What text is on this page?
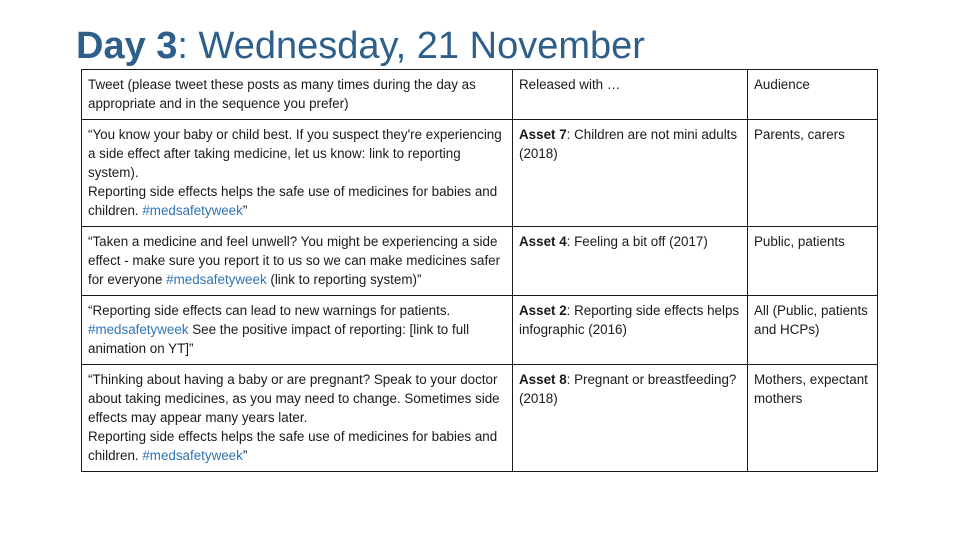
Day 3: Wednesday, 21 November
Tweet (please tweet these posts as many times during the day as appropriate and in the sequence you prefer)	Released with …	Audience

“You know your baby or child best. If you suspect they're experiencing a side effect after taking medicine, let us know: link to reporting system).
Reporting side effects helps the safe use of medicines for babies and children. #medsafetyweek”	Asset 7: Children are not mini adults (2018)	Parents, carers
“Taken a medicine and feel unwell? You might be experiencing a side effect - make sure you report it to us so we can make medicines safer for everyone #medsafetyweek (link to reporting system)”	Asset 4: Feeling a bit off (2017)	Public, patients
“Reporting side effects can lead to new warnings for patients. #medsafetyweek See the positive impact of reporting: [link to full animation on YT]”	Asset 2: Reporting side effects helps infographic (2016)	All (Public, patients and HCPs)

“Thinking about having a baby or are pregnant? Speak to your doctor about taking medicines, as you may need to change. Sometimes side effects may appear many years later.
Reporting side effects helps the safe use of medicines for babies and children. #medsafetyweek”	Asset 8: Pregnant or breastfeeding? (2018)	Mothers, expectant mothers
